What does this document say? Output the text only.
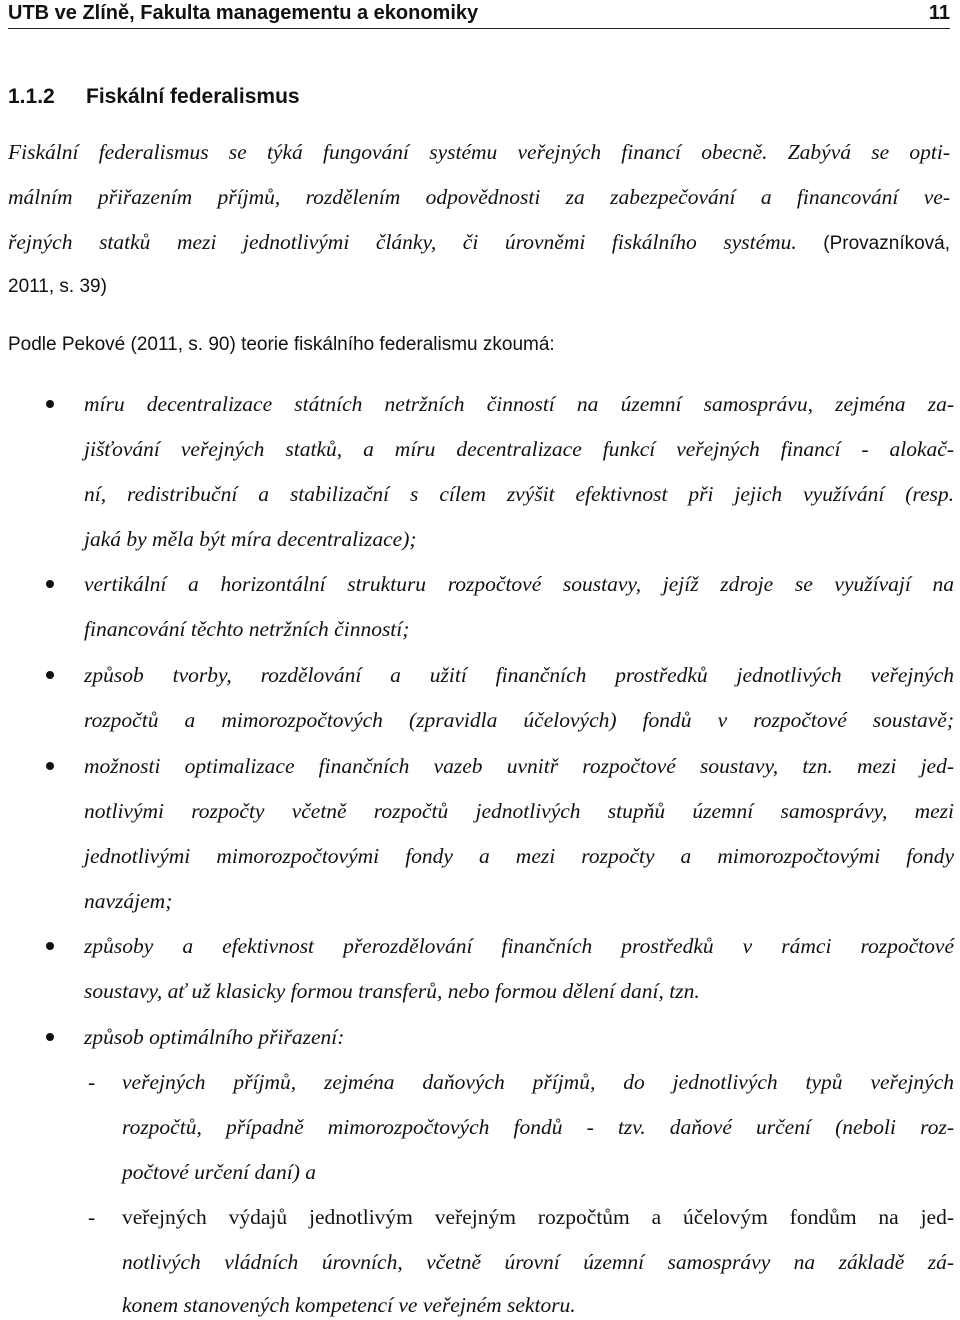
UTB ve Zlíně, Fakulta managementu a ekonomiky	11
1.1.2 Fiskální federalismus
Fiskální federalismus se týká fungování systému veřejných financí obecně. Zabývá se opti-
málním přiřazením příjmů, rozdělením odpovědnosti za zabezpečování a financování ve-
řejných statků mezi jednotlivými články, či úrovněmi fiskálního systému. (Provazníková,
2011, s. 39)
Podle Pekové (2011, s. 90) teorie fiskálního federalismu zkoumá:
míru decentralizace státních netržních činností na územní samosprávu, zejména za-
jišťování veřejných statků, a míru decentralizace funkcí veřejných financí - alokač-
ní, redistribuční a stabilizační s cílem zvýšit efektivnost při jejich využívání (resp.
jaká by měla být míra decentralizace);
vertikální a horizontální strukturu rozpočtové soustavy, jejíž zdroje se využívají na
financování těchto netržních činností;
způsob tvorby, rozdělování a užití finančních prostředků jednotlivých veřejných
rozpočtů a mimorozpočtových (zpravidla účelových) fondů v rozpočtové soustavě;
možnosti optimalizace finančních vazeb uvnitř rozpočtové soustavy, tzn. mezi jed-
notlivými rozpočty včetně rozpočtů jednotlivých stupňů územní samosprávy, mezi
jednotlivými mimorozpočtovými fondy a mezi rozpočty a mimorozpočtovými fondy
navzájem;
způsoby a efektivnost přerozdělování finančních prostředků v rámci rozpočtové
soustavy, ať už klasicky formou transferů, nebo formou dělení daní, tzn.
způsob optimálního přiřazení:
-	veřejných příjmů, zejména daňových příjmů, do jednotlivých typů veřejných
rozpočtů, případně mimorozpočtových fondů - tzv. daňové určení (neboli roz-
počtové určení daní) a
-	veřejných výdajů jednotlivým veřejným rozpočtům a účelovým fondům na jed-
notlivých vládních úrovních, včetně úrovní územní samosprávy na základě zá-
konem stanovených kompetencí ve veřejném sektoru.
